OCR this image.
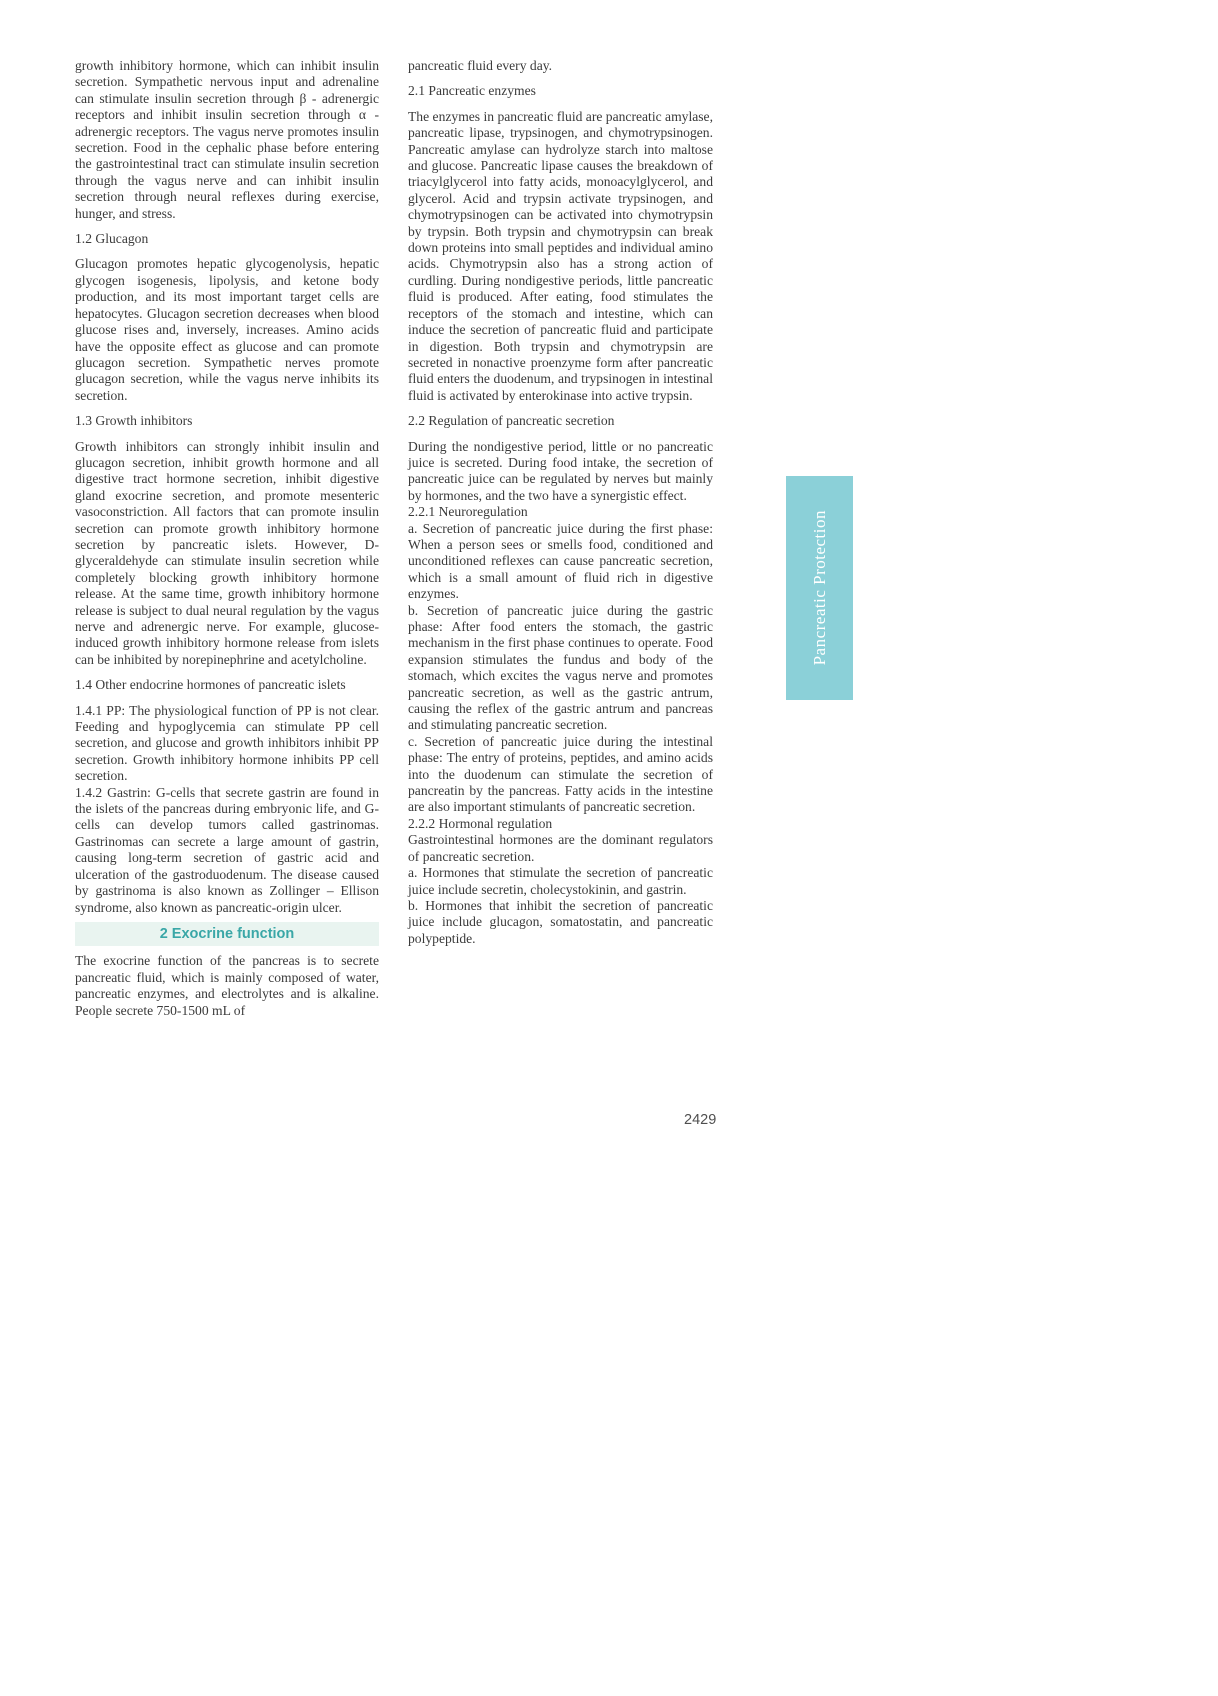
growth inhibitory hormone, which can inhibit insulin secretion. Sympathetic nervous input and adrenaline can stimulate insulin secretion through β - adrenergic receptors and inhibit insulin secretion through α - adrenergic receptors. The vagus nerve promotes insulin secretion. Food in the cephalic phase before entering the gastrointestinal tract can stimulate insulin secretion through the vagus nerve and can inhibit insulin secretion through neural reflexes during exercise, hunger, and stress.
1.2 Glucagon
Glucagon promotes hepatic glycogenolysis, hepatic glycogen isogenesis, lipolysis, and ketone body production, and its most important target cells are hepatocytes. Glucagon secretion decreases when blood glucose rises and, inversely, increases. Amino acids have the opposite effect as glucose and can promote glucagon secretion. Sympathetic nerves promote glucagon secretion, while the vagus nerve inhibits its secretion.
1.3 Growth inhibitors
Growth inhibitors can strongly inhibit insulin and glucagon secretion, inhibit growth hormone and all digestive tract hormone secretion, inhibit digestive gland exocrine secretion, and promote mesenteric vasoconstriction. All factors that can promote insulin secretion can promote growth inhibitory hormone secretion by pancreatic islets. However, D-glyceraldehyde can stimulate insulin secretion while completely blocking growth inhibitory hormone release. At the same time, growth inhibitory hormone release is subject to dual neural regulation by the vagus nerve and adrenergic nerve. For example, glucose-induced growth inhibitory hormone release from islets can be inhibited by norepinephrine and acetylcholine.
1.4 Other endocrine hormones of pancreatic islets
1.4.1 PP: The physiological function of PP is not clear. Feeding and hypoglycemia can stimulate PP cell secretion, and glucose and growth inhibitors inhibit PP secretion. Growth inhibitory hormone inhibits PP cell secretion.
1.4.2 Gastrin: G-cells that secrete gastrin are found in the islets of the pancreas during embryonic life, and G-cells can develop tumors called gastrinomas. Gastrinomas can secrete a large amount of gastrin, causing long-term secretion of gastric acid and ulceration of the gastroduodenum. The disease caused by gastrinoma is also known as Zollinger – Ellison syndrome, also known as pancreatic-origin ulcer.
2 Exocrine function
The exocrine function of the pancreas is to secrete pancreatic fluid, which is mainly composed of water, pancreatic enzymes, and electrolytes and is alkaline. People secrete 750-1500 mL of
pancreatic fluid every day.
2.1 Pancreatic enzymes
The enzymes in pancreatic fluid are pancreatic amylase, pancreatic lipase, trypsinogen, and chymotrypsinogen. Pancreatic amylase can hydrolyze starch into maltose and glucose. Pancreatic lipase causes the breakdown of triacylglycerol into fatty acids, monoacylglycerol, and glycerol. Acid and trypsin activate trypsinogen, and chymotrypsinogen can be activated into chymotrypsin by trypsin. Both trypsin and chymotrypsin can break down proteins into small peptides and individual amino acids. Chymotrypsin also has a strong action of curdling. During nondigestive periods, little pancreatic fluid is produced. After eating, food stimulates the receptors of the stomach and intestine, which can induce the secretion of pancreatic fluid and participate in digestion. Both trypsin and chymotrypsin are secreted in nonactive proenzyme form after pancreatic fluid enters the duodenum, and trypsinogen in intestinal fluid is activated by enterokinase into active trypsin.
2.2 Regulation of pancreatic secretion
During the nondigestive period, little or no pancreatic juice is secreted. During food intake, the secretion of pancreatic juice can be regulated by nerves but mainly by hormones, and the two have a synergistic effect.
2.2.1 Neuroregulation
a. Secretion of pancreatic juice during the first phase: When a person sees or smells food, conditioned and unconditioned reflexes can cause pancreatic secretion, which is a small amount of fluid rich in digestive enzymes.
b. Secretion of pancreatic juice during the gastric phase: After food enters the stomach, the gastric mechanism in the first phase continues to operate. Food expansion stimulates the fundus and body of the stomach, which excites the vagus nerve and promotes pancreatic secretion, as well as the gastric antrum, causing the reflex of the gastric antrum and pancreas and stimulating pancreatic secretion.
c. Secretion of pancreatic juice during the intestinal phase: The entry of proteins, peptides, and amino acids into the duodenum can stimulate the secretion of pancreatin by the pancreas. Fatty acids in the intestine are also important stimulants of pancreatic secretion.
2.2.2 Hormonal regulation
Gastrointestinal hormones are the dominant regulators of pancreatic secretion.
a. Hormones that stimulate the secretion of pancreatic juice include secretin, cholecystokinin, and gastrin.
b. Hormones that inhibit the secretion of pancreatic juice include glucagon, somatostatin, and pancreatic polypeptide.
Pancreatic Protection
2429
